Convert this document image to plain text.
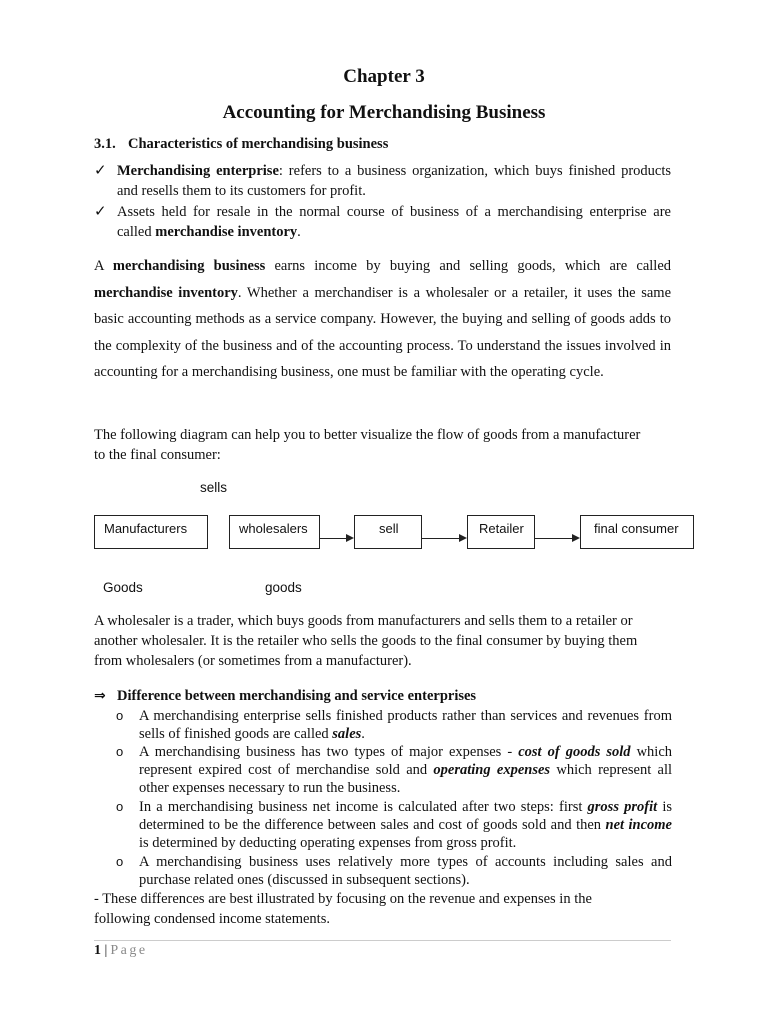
Chapter 3
Accounting for Merchandising Business
3.1. Characteristics of merchandising business
✓ Merchandising enterprise: refers to a business organization, which buys finished products
and resells them to its customers for profit.
✓ Assets held for resale in the normal course of business of a merchandising enterprise are
called merchandise inventory.
A merchandising business earns income by buying and selling goods, which are called merchandise inventory. Whether a merchandiser is a wholesaler or a retailer, it uses the same basic accounting methods as a service company. However, the buying and selling of goods adds to the complexity of the business and of the accounting process. To understand the issues involved in accounting for a merchandising business, one must be familiar with the operating cycle.
The following diagram can help you to better visualize the flow of goods from a manufacturer
to the final consumer:
sells
Manufacturers	wholesalers	sell	Retailer	final consumer
Goods	goods
A wholesaler is a trader, which buys goods from manufacturers and sells them to a retailer or
another wholesaler. It is the retailer who sells the goods to the final consumer by buying them
from wholesalers (or sometimes from a manufacturer).
⇒ Difference between merchandising and service enterprises
o A merchandising enterprise sells finished products rather than services and revenues from sells of finished goods are called sales.
o A merchandising business has two types of major expenses - cost of goods sold which represent expired cost of merchandise sold and operating expenses which represent all other expenses necessary to run the business.
o In a merchandising business net income is calculated after two steps: first gross profit is determined to be the difference between sales and cost of goods sold and then net income is determined by deducting operating expenses from gross profit.
o A merchandising business uses relatively more types of accounts including sales and purchase related ones (discussed in subsequent sections).
- These differences are best illustrated by focusing on the revenue and expenses in the
following condensed income statements.
1 | Page
